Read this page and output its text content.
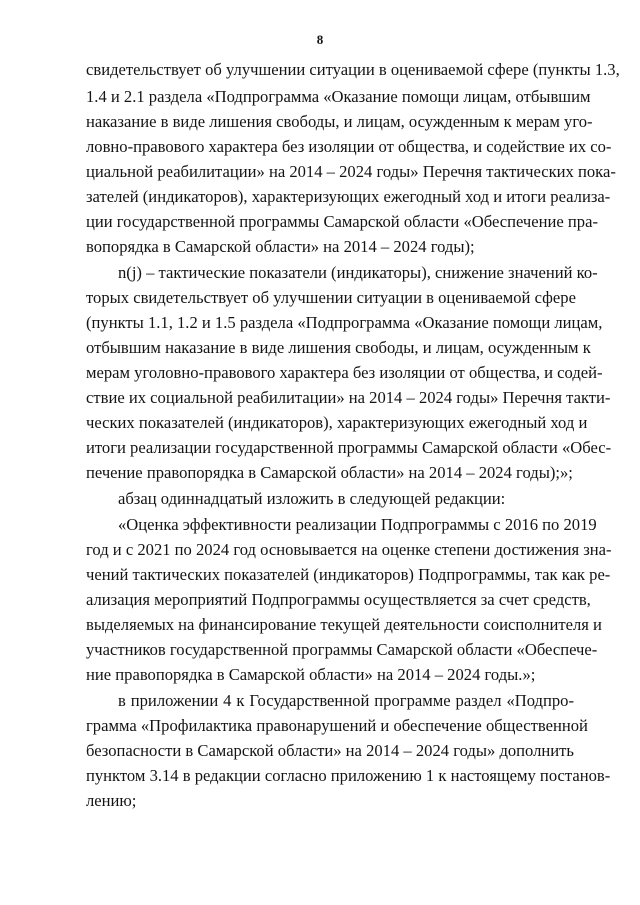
8
свидетельствует об улучшении ситуации в оцениваемой сфере (пункты 1.3,
1.4 и 2.1 раздела «Подпрограмма «Оказание помощи лицам, отбывшим
наказание в виде лишения свободы, и лицам, осужденным к мерам уго-
ловно-правового характера без изоляции от общества, и содействие их со-
циальной реабилитации» на 2014 – 2024 годы» Перечня тактических пока-
зателей (индикаторов), характеризующих ежегодный ход и итоги реализа-
ции государственной программы Самарской области «Обеспечение пра-
вопорядка в Самарской области» на 2014 – 2024 годы);
n(j) – тактические показатели (индикаторы), снижение значений ко-
торых свидетельствует об улучшении ситуации в оцениваемой сфере
(пункты 1.1, 1.2 и 1.5 раздела «Подпрограмма «Оказание помощи лицам,
отбывшим наказание в виде лишения свободы, и лицам, осужденным к
мерам уголовно-правового характера без изоляции от общества, и содей-
ствие их социальной реабилитации» на 2014 – 2024 годы» Перечня такти-
ческих показателей (индикаторов), характеризующих ежегодный ход и
итоги реализации государственной программы Самарской области «Обес-
печение правопорядка в Самарской области» на 2014 – 2024 годы);»;
абзац одиннадцатый изложить в следующей редакции:
«Оценка эффективности реализации Подпрограммы с 2016 по 2019
год и с 2021 по 2024 год основывается на оценке степени достижения зна-
чений тактических показателей (индикаторов) Подпрограммы, так как ре-
ализация мероприятий Подпрограммы осуществляется за счет средств,
выделяемых на финансирование текущей деятельности соисполнителя и
участников государственной программы Самарской области «Обеспече-
ние правопорядка в Самарской области» на 2014 – 2024 годы.»;
в приложении 4 к Государственной программе раздел «Подпро-
грамма «Профилактика правонарушений и обеспечение общественной
безопасности в Самарской области» на 2014 – 2024 годы» дополнить
пунктом 3.14 в редакции согласно приложению 1 к настоящему постанов-
лению;
